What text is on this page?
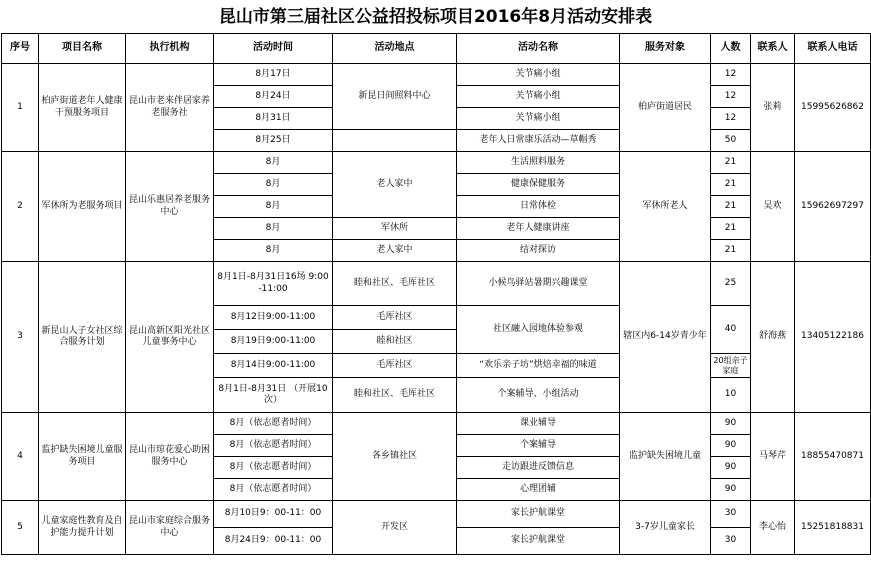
昆山市第三届社区公益招投标项目2016年8月活动安排表
序号	项目名称	执行机构	活动时间	活动地点	活动名称	服务对象	人数	联系人	联系人电话
1	柏庐街道老年人健康干预服务项目	昆山市老来伴居家养老服务社	8月17日	新昆日间照料中心	关节痛小组	柏庐街道居民	12	张莉	15995626862
			8月24日		关节痛小组		12		
			8月31日		关节痛小组		12		
			8月25日		老年人日常康乐活动—草帽秀		50		
2	军休所为老服务项目	昆山乐惠居养老服务中心	8月	老人家中	生活照料服务	军休所老人	21	吴欢	15962697297
			8月		健康保健服务		21		
			8月		日常体检		21		
			8月	军休所	老年人健康讲座		21		
			8月	老人家中	结对探访		21		
3	新昆山人子女社区综合服务计划	昆山高新区阳光社区儿童事务中心	8月1日-8月31日16场 9:00-11:00	睦和社区、毛厍社区	小候鸟驿站暑期兴趣课堂	辖区内6-14岁青少年	25	舒海燕	13405122186
			8月12日9:00-11:00	毛厍社区	社区融入园地体验参观		40		
			8月19日9:00-11:00	睦和社区					
			8月14日9:00-11:00	毛厍社区	“欢乐亲子坊”烘焙幸福的味道		20组亲子家庭		
			8月1日-8月31日 （开展10次）	睦和社区、毛厍社区	个案辅导、小组活动		10		
4	监护缺失困境儿童服务项目	昆山市琼花爱心助困服务中心	8月（依志愿者时间）	各乡镇社区	课业辅导	监护缺失困境儿童	90	马琴芹	18855470871
			8月（依志愿者时间）		个案辅导		90		
			8月（依志愿者时间）		走访跟进反馈信息		90		
			8月（依志愿者时间）		心理团辅		90		
5	儿童家庭性教育及自护能力提升计划	昆山市家庭综合服务中心	8月10日9：00-11：00	开发区	家长护航课堂	3-7岁儿童家长	30	李心怡	15251818831
			8月24日9：00-11：00		家长护航课堂		30		
